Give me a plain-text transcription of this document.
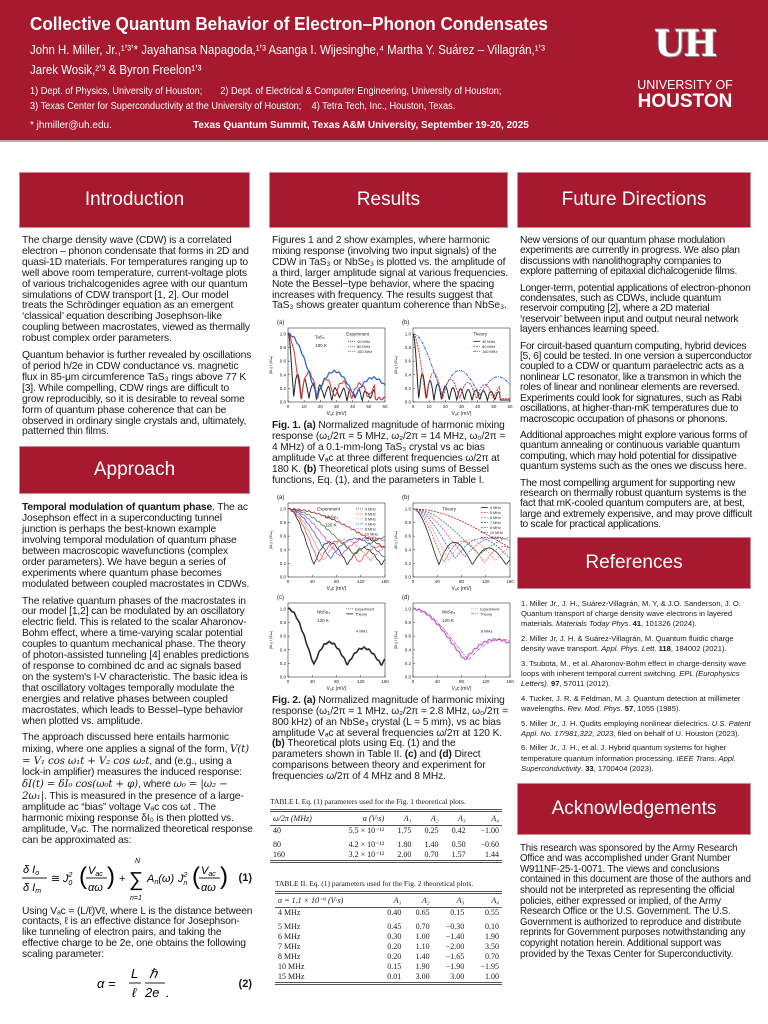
Collective Quantum Behavior of Electron–Phonon Condensates
John H. Miller, Jr.,¹ʼ³ʼ* Jayahansa Napagoda,¹ʼ³ Asanga I. Wijesinghe,⁴ Martha Y. Suárez – Villagrán,¹ʼ³
Jarek Wosik,²ʼ³ & Byron Freelon¹ʼ³
1) Dept. of Physics, University of Houston;       2) Dept. of Electrical & Computer Engineering, University of Houston;
3) Texas Center for Superconductivity at the University of Houston;    4) Tetra Tech, Inc., Houston, Texas.
* jhmiller@uh.edu.	Texas Quantum Summit, Texas A&M University, September 19-20, 2025
UH
UNIVERSITY OF
HOUSTON
Introduction

The charge density wave (CDW) is a correlated electron – phonon condensate that forms in 2D and quasi-1D materials. For temperatures ranging up to well above room temperature, current-voltage plots of various trichalcogenides agree with our quantum simulations of CDW transport [1, 2]. Our model treats the Schrödinger equation as an emergent ‘classical’ equation describing Josephson-like coupling between macrostates, viewed as thermally robust complex order parameters.

Quantum behavior is further revealed by oscillations of period h/2e in CDW conductance vs. magnetic flux in 85-μm circumference TaS₃ rings above 77 K [3]. While compelling, CDW rings are difficult to grow reproducibly, so it is desirable to reveal some form of quantum phase coherence that can be observed in ordinary single crystals and, ultimately, patterned thin films.

Approach

Temporal modulation of quantum phase. The ac Josephson effect in a superconducting tunnel junction is perhaps the best-known example involving temporal modulation of quantum phase between macroscopic wavefunctions (complex order parameters). We have begun a series of experiments where quantum phase becomes modulated between coupled macrostates in CDWs.

The relative quantum phases of the macrostates in our model [1,2] can be modulated by an oscillatory electric field. This is related to the scalar Aharonov-Bohm effect, where a time-varying scalar potential couples to quantum mechanical phase. The theory of photon-assisted tunneling [4] enables predictions of response to combined dc and ac signals based on the system's I-V characteristic. The basic idea is that oscillatory voltages temporally modulate the energies and relative phases between coupled macrostates, which leads to Bessel–type behavior when plotted vs. amplitude.

The approach discussed here entails harmonic mixing, where one applies a signal of the form, V(t) = V₁ cos ω₁t + V₂ cos ω₂t, and (e.g., using a lock-in amplifier) measures the induced response: δI(t) = δI₀ cos(ω₀t + φ), where ω₀ = |ω₂ − 2ω₁|. This is measured in the presence of a large-amplitude ac “bias” voltage Vₐc cos ωt . The harmonic mixing response δI₀ is then plotted vs. amplitude, Vₐc. The normalized theoretical response can be approximated as:

δ Io
δ Im
≅ $J^2$ 0 ( Vac
αω ) + ∑
N
n=1
An(ω) $J^2$ n ( Vac
αω ) (1)
Using Vₐc = (L/ℓ)Vℓ, where L is the distance between contacts, ℓ is an effective distance for Josephson-like tunneling of electron pairs, and taking the effective charge to be 2e, one obtains the following scaling parameter:
α =
L
ℓ
ℏ
2e .
(2)
Results
Figures 1 and 2 show examples, where harmonic mixing response (involving two input signals) of the CDW in TaS₃ or NbSe₃ is plotted vs. the amplitude of a third, larger amplitude signal at various frequencies. Note the Bessel−type behavior, where the spacing increases with frequency. The results suggest that TaS₃ shows greater quantum coherence than NbSe₃.
(a)
0	10 20 30 40 50 60
0.0
0.2
0.4
0.6
0.8
1.0
Vₐc (mV)
|δI₀| / |δIₘ|
TaS₃
180 K
Experiment
40 MHz
80 MHz
160 MHz
(b)
0	10 20 30 40 50 60
0.0
0.2
0.4
0.6
0.8
1.0
Vₐc (mV)
|δI₀| / |δIₘ|
Theory
40 MHz
80 MHz
160 MHz
Fig. 1. (a) Normalized magnitude of harmonic mixing response (ω₁/2π = 5 MHz, ω₂/2π = 14 MHz, ω₀/2π = 4 MHz) of a 0.1-mm-long TaS₃ crystal vs ac bias amplitude Vₐc at three different frequencies ω/2π at 180 K. (b) Theoretical plots using sums of Bessel functions, Eq. (1), and the parameters in Table I.
(a)
0	40	80	120	160
0.0
0.2
0.4
0.6
0.8
1.0
Vₐc (mV)
|δI₀| / |δIₘ|
Experiment
NbSe₃
120 K
4 MHz
5 MHz
6 MHz
7 MHz
8 MHz
10 MHz
15 MHz
(b)
0	40	80	120	160
0.0
0.2
0.4
0.6
0.8
1.0
Vₐc (mV)
|δI₀| / |δIₘ|
Theory	4 MHz
5 MHz
6 MHz
7 MHz
8 MHz
10 MHz
15 MHz
(c)
0	40	80	120	160
0.0
0.2
0.4
0.6
0.8
1.0
Vₐc (mV)
|δI₀| / |δIₘ|
NbSe₃
120 K
4 MHz
Experiment
Theory
(d)
0	40	80	120	160
0.0
0.2
0.4
0.6
0.8
1.0
Vₐc (mV)
|δI₀| / |δIₘ|
NbSe₃
120 K
8 MHz
Experiment
Theory
Fig. 2. (a) Normalized magnitude of harmonic mixing response (ω₁/2π = 1 MHz, ω₂/2π = 2.8 MHz, ω₀/2π = 800 kHz) of an NbSe₃ crystal (L = 5 mm), vs ac bias amplitude Vₐc at several frequencies ω/2π at 120 K. (b) Theoretical plots using Eq. (1) and the parameters shown in Table II. (c) and (d) Direct comparisons between theory and experiment for frequencies ω/2π of 4 MHz and 8 MHz.
TABLE I. Eq. (1) parameters used for the Fig. 1 theoretical plots.
ω/2π (MHz)	α (V·s)	A₁	A₂	A₃	A₄
40	5.5 × 10⁻¹²	1.75	0.25	0.42	−1.00
80	4.2 × 10⁻¹²	1.80	1.40	0.50	−0.60
160	3.2 × 10⁻¹²	2.00	0.70	1.57	1.44
TABLE II. Eq. (1) parameters used for the Fig. 2 theoretical plots.
α = 1.1 × 10⁻⁹ (V·s)	A₁	A₂	A₃	A₄
4 MHz	0.40	0.65	0.15	0.55
5 MHz	0.45	0.70	−0.30	0.10
6 MHz	0.30	1.00	−1.40	1.90
7 MHz	0.20	1.10	−2.00	3.50
8 MHz	0.20	1.40	−1.65	0.70
10 MHz	0.15	1.90	−1.90	−1.95
15 MHz	0.01	3.00	3.00	1.00
Future Directions

New versions of our quantum phase modulation experiments are currently in progress. We also plan discussions with nanolithography companies to explore patterning of epitaxial dichalcogenide films.

Longer-term, potential applications of electron-phonon condensates, such as CDWs, include quantum reservoir computing [2], where a 2D material ‘reservoir’ between input and output neural network layers enhances learning speed.

For circuit-based quantum computing, hybrid devices [5, 6] could be tested. In one version a superconductor coupled to a CDW or quantum paraelectric acts as a nonlinear LC resonator, like a transmon in which the roles of linear and nonlinear elements are reversed. Experiments could look for signatures, such as Rabi oscillations, at higher-than-mK temperatures due to macroscopic occupation of phasons or phonons.

Additional approaches might explore various forms of quantum annealing or continuous variable quantum computing, which may hold potential for dissipative quantum systems such as the ones we discuss here.

The most compelling argument for supporting new research on thermally robust quantum systems is the fact that mK-cooled quantum computers are, at best, large and extremely expensive, and may prove difficult to scale for practical applications.

References

1. Miller Jr., J. H., Suárez-Villagrán, M. Y, & J.O. Sanderson, J. O. Quantum transport of charge density wave electrons in layered materials. Materials Today Phys. 41, 101326 (2024).

2. Miller Jr, J. H. & Suárez-Villagrán, M. Quantum fluidic charge density wave transport. Appl. Phys. Lett. 118, 184002 (2021).

3. Tsubota, M., et al. Aharonov-Bohm effect in charge-density wave loops with inherent temporal current switching. EPL (Europhysics Letters). 97, 57011 (2012).

4. Tucker, J. R. & Feldman, M. J. Quantum detection at millimeter wavelengths. Rev. Mod. Phys. 57, 1055 (1985).

5. Miller Jr., J. H. Qudits employing nonlinear dielectrics. U.S. Patent Appl. No. 17/981,322, 2023, filed on behalf of U. Houston (2023).

6. Miller Jr., J. H., et al. J. Hybrid quantum systems for higher temperature quantum information processing. IEEE Trans. Appl. Superconductivity. 33, 1700404 (2023).

Acknowledgements
This research was sponsored by the Army Research Office and was accomplished under Grant Number W911NF-25-1-0071. The views and conclusions contained in this document are those of the authors and should not be interpreted as representing the official policies, either expressed or implied, of the Army Research Office or the U.S. Government. The U.S. Government is authorized to reproduce and distribute reprints for Government purposes notwithstanding any copyright notation herein. Additional support was provided by the Texas Center for Superconductivity.
